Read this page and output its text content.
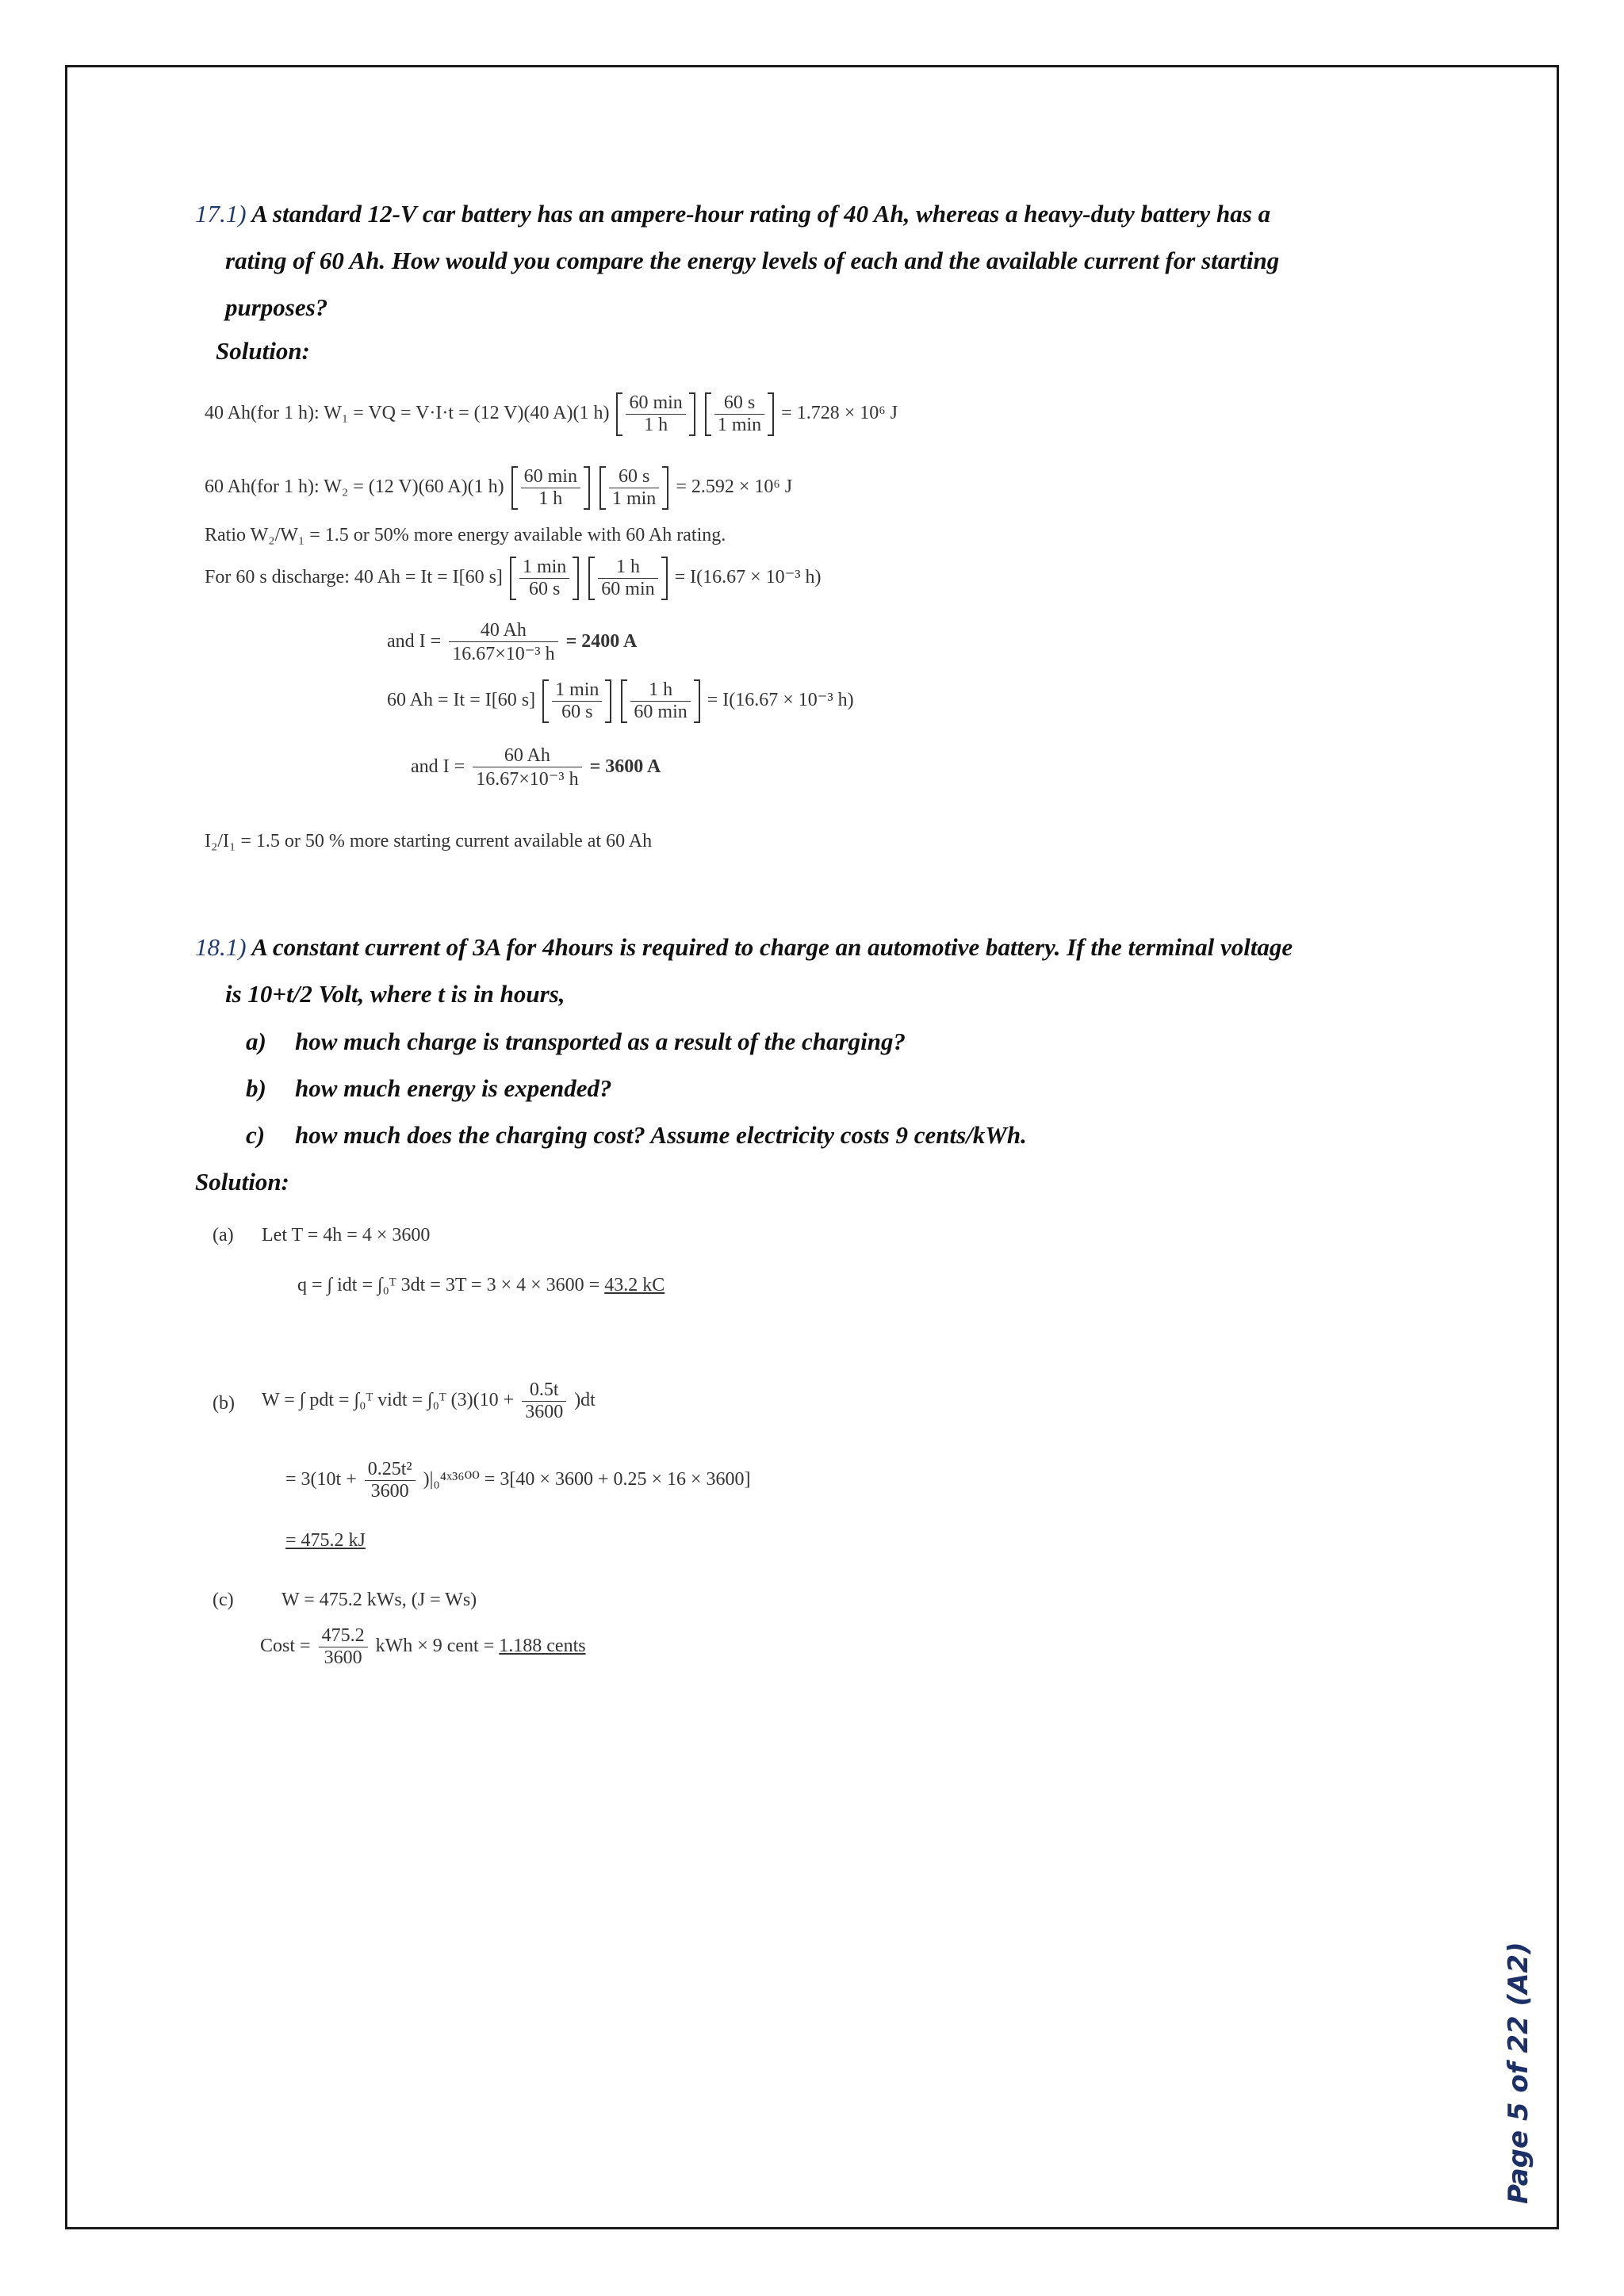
17.1) A standard 12-V car battery has an ampere-hour rating of 40 Ah, whereas a heavy-duty battery has a
rating of 60 Ah. How would you compare the energy levels of each and the available current for starting
purposes?
Solution:
40 Ah(for 1 h): W₁ = VQ = V·I·t = (12 V)(40 A)(1 $h) \frac{60 \min}{1 h}$
$\frac{60 s}{1 \min} = 1.728 \times 10^6$ J
60 Ah(for 1 h): W₂ = (12 V)(60 A)(1 $h) \frac{60 \min}{1 h}$
$\frac{60 s}{1 \min} = 2.592 \times 10^6$ J
Ratio W₂/W₁ = 1.5 or 50% more energy available with 60 Ah rating.
For 60 s discharge: 40 Ah = It = I[60 $s] \frac{1 \min}{60 s}$
$\frac{1 h}{60 \min} = I(16.67 \times 10^{-3}$ h)
and $I = \frac{40 Ah}{\text{16.67×10⁻³ h}} = 2400$ A
60 Ah = It = I[60 $s] \frac{1 \min}{60 s}$
$\frac{1 h}{60 \min} = I(16.67 \times 10^{-3}$ h)
and $I = \frac{60 Ah}{\text{16.67×10⁻³ h}} = 3600$ A
I₂/I₁ = 1.5 or 50 % more starting current available at 60 Ah
18.1) A constant current of 3A for 4hours is required to charge an automotive battery. If the terminal voltage
is 10+t/2 Volt, where t is in hours,
a) how much charge is transported as a result of the charging?
b) how much energy is expended?
c) how much does the charging cost? Assume electricity costs 9 cents/kWh.
Solution:
(a) Let T = 4h = 4 × 3600
q = ∫ idt = ∫₀ᵀ 3dt = 3T = 3 × 4 × 3600 = 43.2 kC
(b) W = ∫ pdt = ∫₀ᵀ vidt = ∫₀ᵀ $(3)(10 + \frac{0.5t}{3600} )dt$
= $3(10t + \frac{\text{0.25t²}}{3600}$ )|₀⁴ˣ³⁶⁰⁰ = 3[40 × 3600 + 0.25 × 16 × 3600]
= 475.2 kJ
(c)	W = 475.2 kWs, (J = Ws)
Cost = $\frac{475.2}{3600}$ kWh × 9 cent = 1.188 cents
Page 5 of 22 (A2)
